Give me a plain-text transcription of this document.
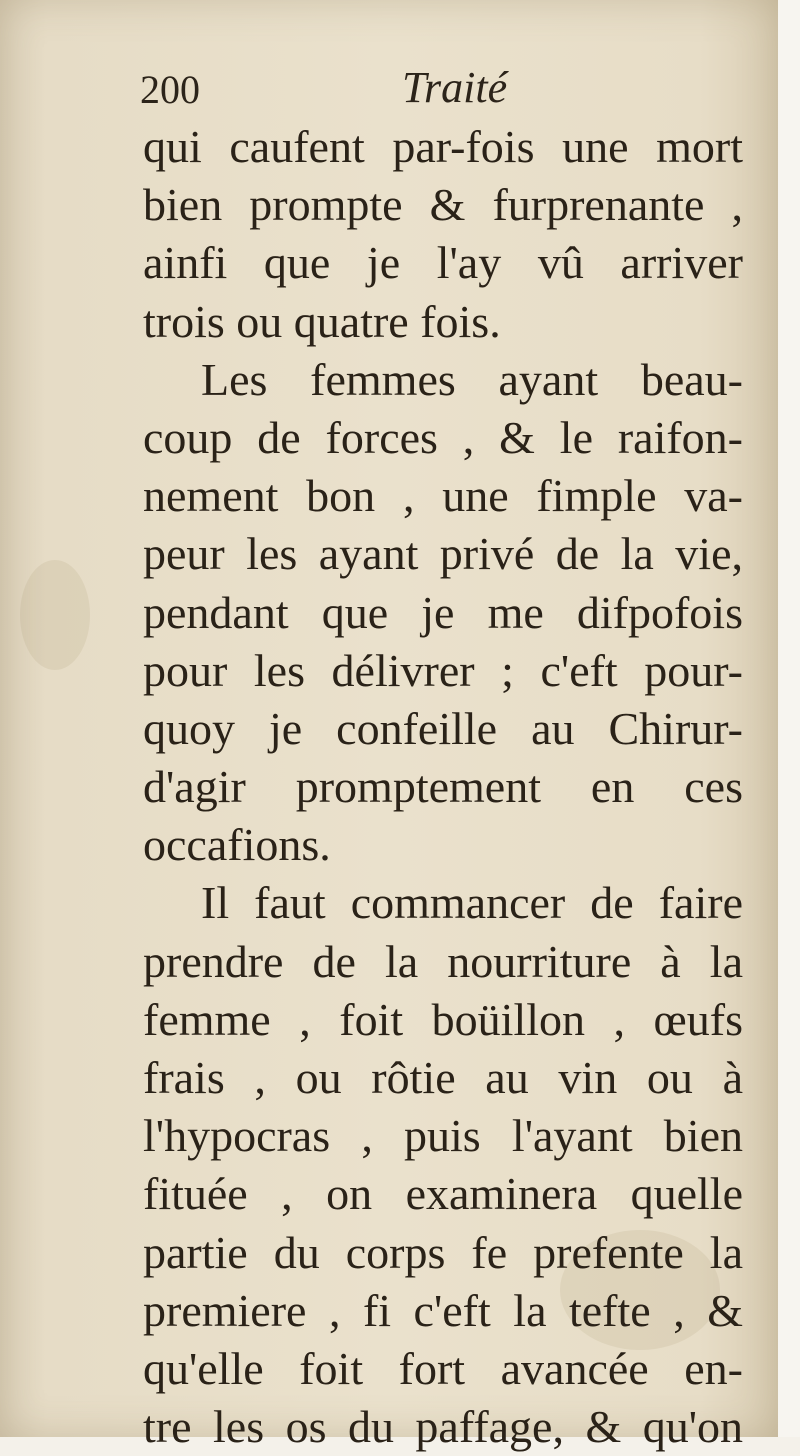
200	Traité
qui caufent par-fois une mort
bien prompte & furprenante ,
ainfi que je l'ay vû arriver
trois ou quatre fois.
Les femmes ayant beau-
coup de forces , & le raifon-
nement bon , une fimple va-
peur les ayant privé de la vie,
pendant que je me difpofois
pour les délivrer ; c'eft pour-
quoy je confeille au Chirur-
d'agir promptement en ces
occafions.
Il faut commancer de faire
prendre de la nourriture à la
femme , foit boüillon , œufs
frais , ou rôtie au vin ou à
l'hypocras , puis l'ayant bien
fituée , on examinera quelle
partie du corps fe prefente la
premiere , fi c'eft la tefte , &
qu'elle foit fort avancée en-
tre les os du paffage, & qu'on
